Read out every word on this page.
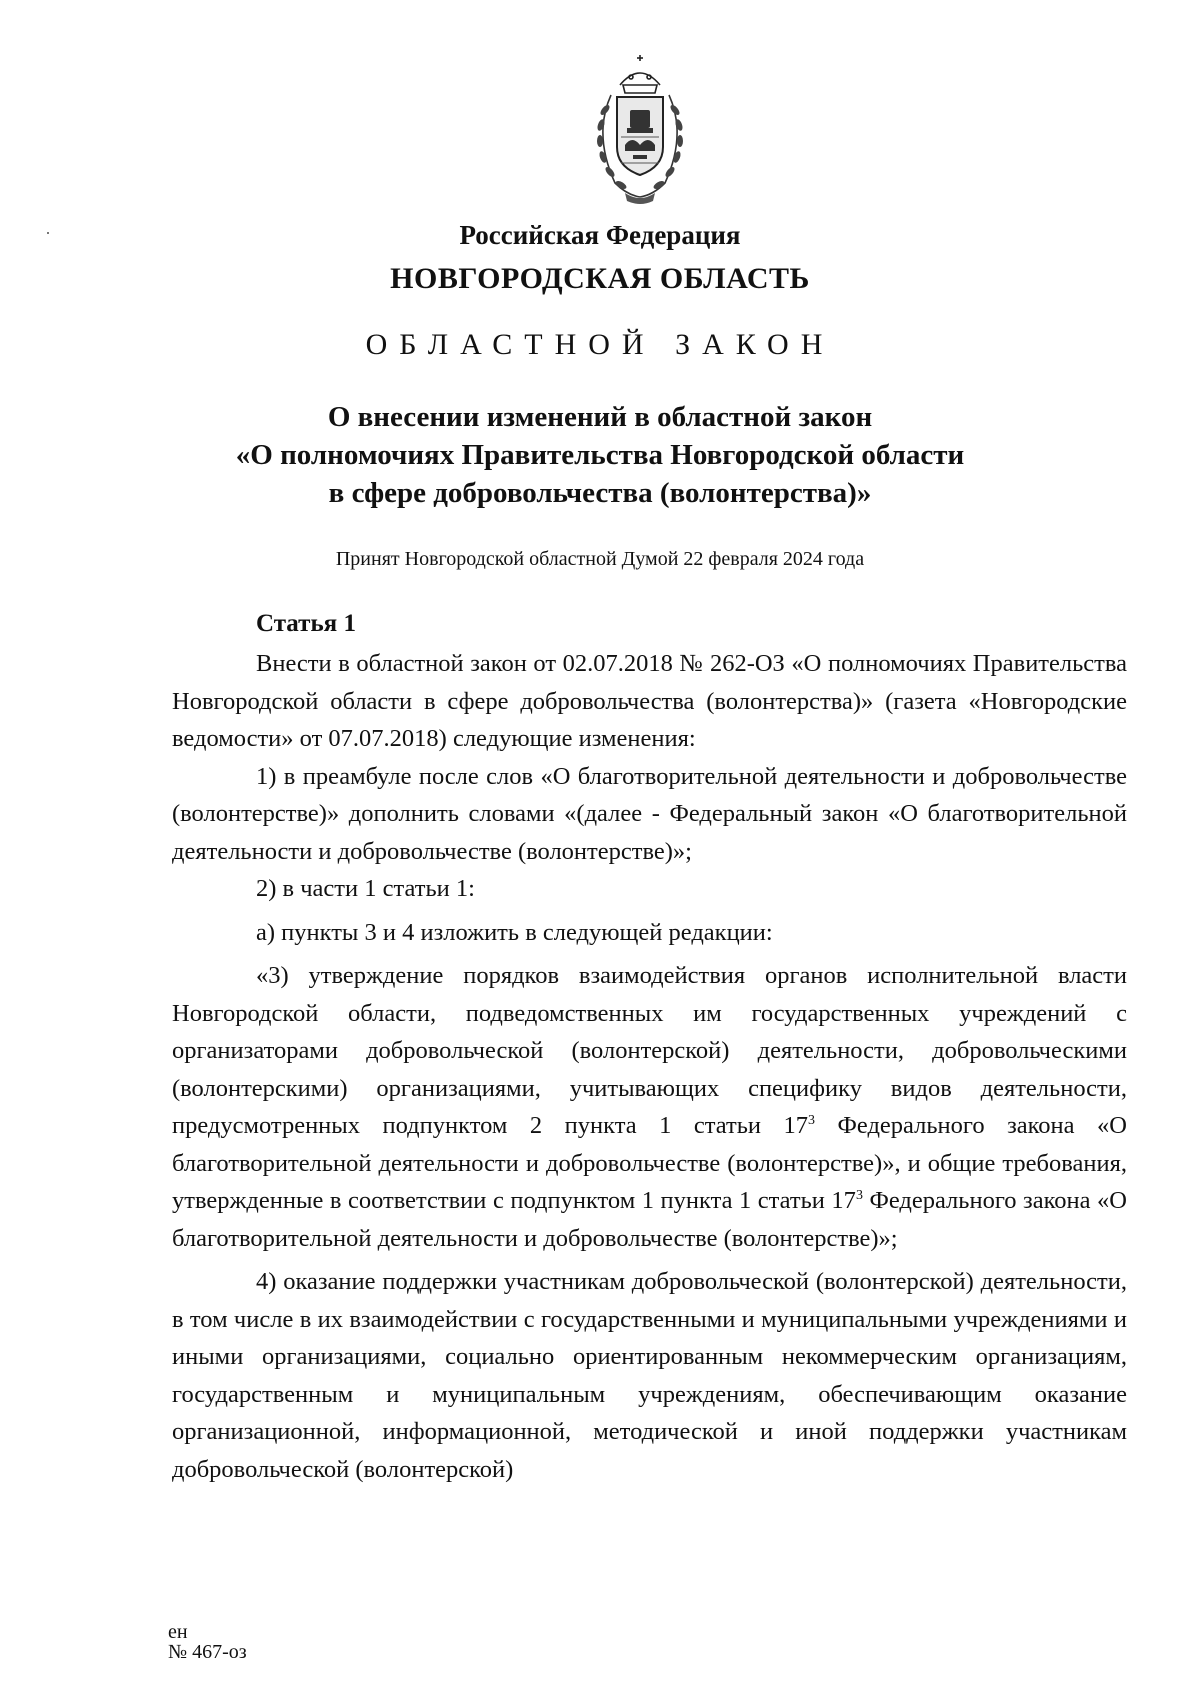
Российская Федерация
НОВГОРОДСКАЯ ОБЛАСТЬ
ОБЛАСТНОЙ ЗАКОН
О внесении изменений в областной закон
«О полномочиях Правительства Новгородской области
в сфере добровольчества (волонтерства)»
Принят Новгородской областной Думой 22 февраля 2024 года
Статья 1

Внести в областной закон от 02.07.2018 № 262-ОЗ «О полномочиях Правительства Новгородской области в сфере добровольчества (волонтерства)» (газета «Новгородские ведомости» от 07.07.2018) следующие изменения:

1) в преамбуле после слов «О благотворительной деятельности и добровольчестве (волонтерстве)» дополнить словами «(далее - Федеральный закон «О благотворительной деятельности и добровольчестве (волонтерстве)»;

2) в части 1 статьи 1:

а) пункты 3 и 4 изложить в следующей редакции:

«3) утверждение порядков взаимодействия органов исполнительной власти Новгородской области, подведомственных им государственных учреждений с организаторами добровольческой (волонтерской) деятельности, добровольческими (волонтерскими) организациями, учитывающих специфику видов деятельности, предусмотренных подпунктом 2 пункта 1 статьи $17^3$ Федерального закона «О благотворительной деятельности и добровольчестве (волонтерстве)», и общие требования, утвержденные в соответствии с подпунктом 1 пункта 1 статьи $17^3$ Федерального закона «О благотворительной деятельности и добровольчестве (волонтерстве)»;

4) оказание поддержки участникам добровольческой (волонтерской) деятельности, в том числе в их взаимодействии с государственными и муниципальными учреждениями и иными организациями, социально ориентированным некоммерческим организациям, государственным и муниципальным учреждениям, обеспечивающим оказание организационной, информационной, методической и иной поддержки участникам добровольческой (волонтерской)

ен
№ 467-оз
